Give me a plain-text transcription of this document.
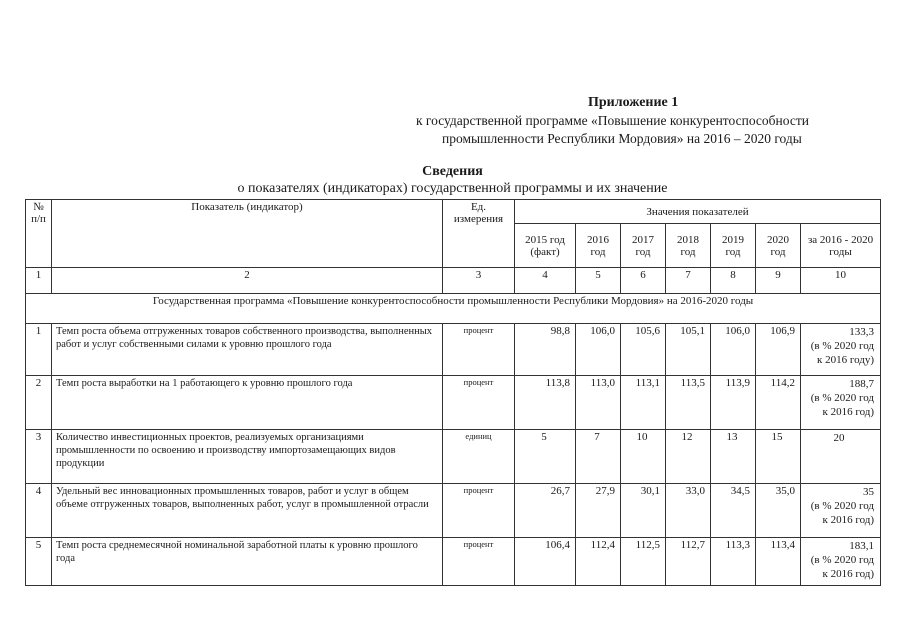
Приложение 1
к государственной программе «Повышение конкурентоспособности
промышленности Республики Мордовия» на 2016 – 2020 годы
Сведения
о показателях (индикаторах) государственной программы и их значение
№ п/п	Показатель (индикатор)	Ед. измерения	Значения показателей						
			2015 год (факт)	2016 год	2017 год	2018 год	2019 год	2020 год	за 2016 - 2020 годы
1	2	3	4	5	6	7	8	9	10
Государственная программа «Повышение конкурентоспособности промышленности Республики Мордовия» на 2016-2020 годы									
1	Темп роста объема отгруженных товаров собственного производства, выполненных работ и услуг собственными силами к уровню прошлого года	процент	98,8	106,0	105,6	105,1	106,0	106,9	133,3
(в % 2020 год к 2016 году)

2	Темп роста выработки на 1 работающего к уровню прошлого года	процент	113,8	113,0	113,1	113,5	113,9	114,2	188,7
(в % 2020 год к 2016 год)

3	Количество инвестиционных проектов, реализуемых организациями промышленности по освоению и производству импортозамещающих видов продукции	единиц	5	7	10	12	13	15	20

4	Удельный вес инновационных промышленных товаров, работ и услуг в общем объеме отгруженных товаров, выполненных работ, услуг в промышленной отрасли	процент	26,7	27,9	30,1	33,0	34,5	35,0	35
(в % 2020 год к 2016 год)

5	Темп роста среднемесячной номинальной заработной платы к уровню прошлого года	процент	106,4	112,4	112,5	112,7	113,3	113,4	183,1
(в % 2020 год к 2016 год)
